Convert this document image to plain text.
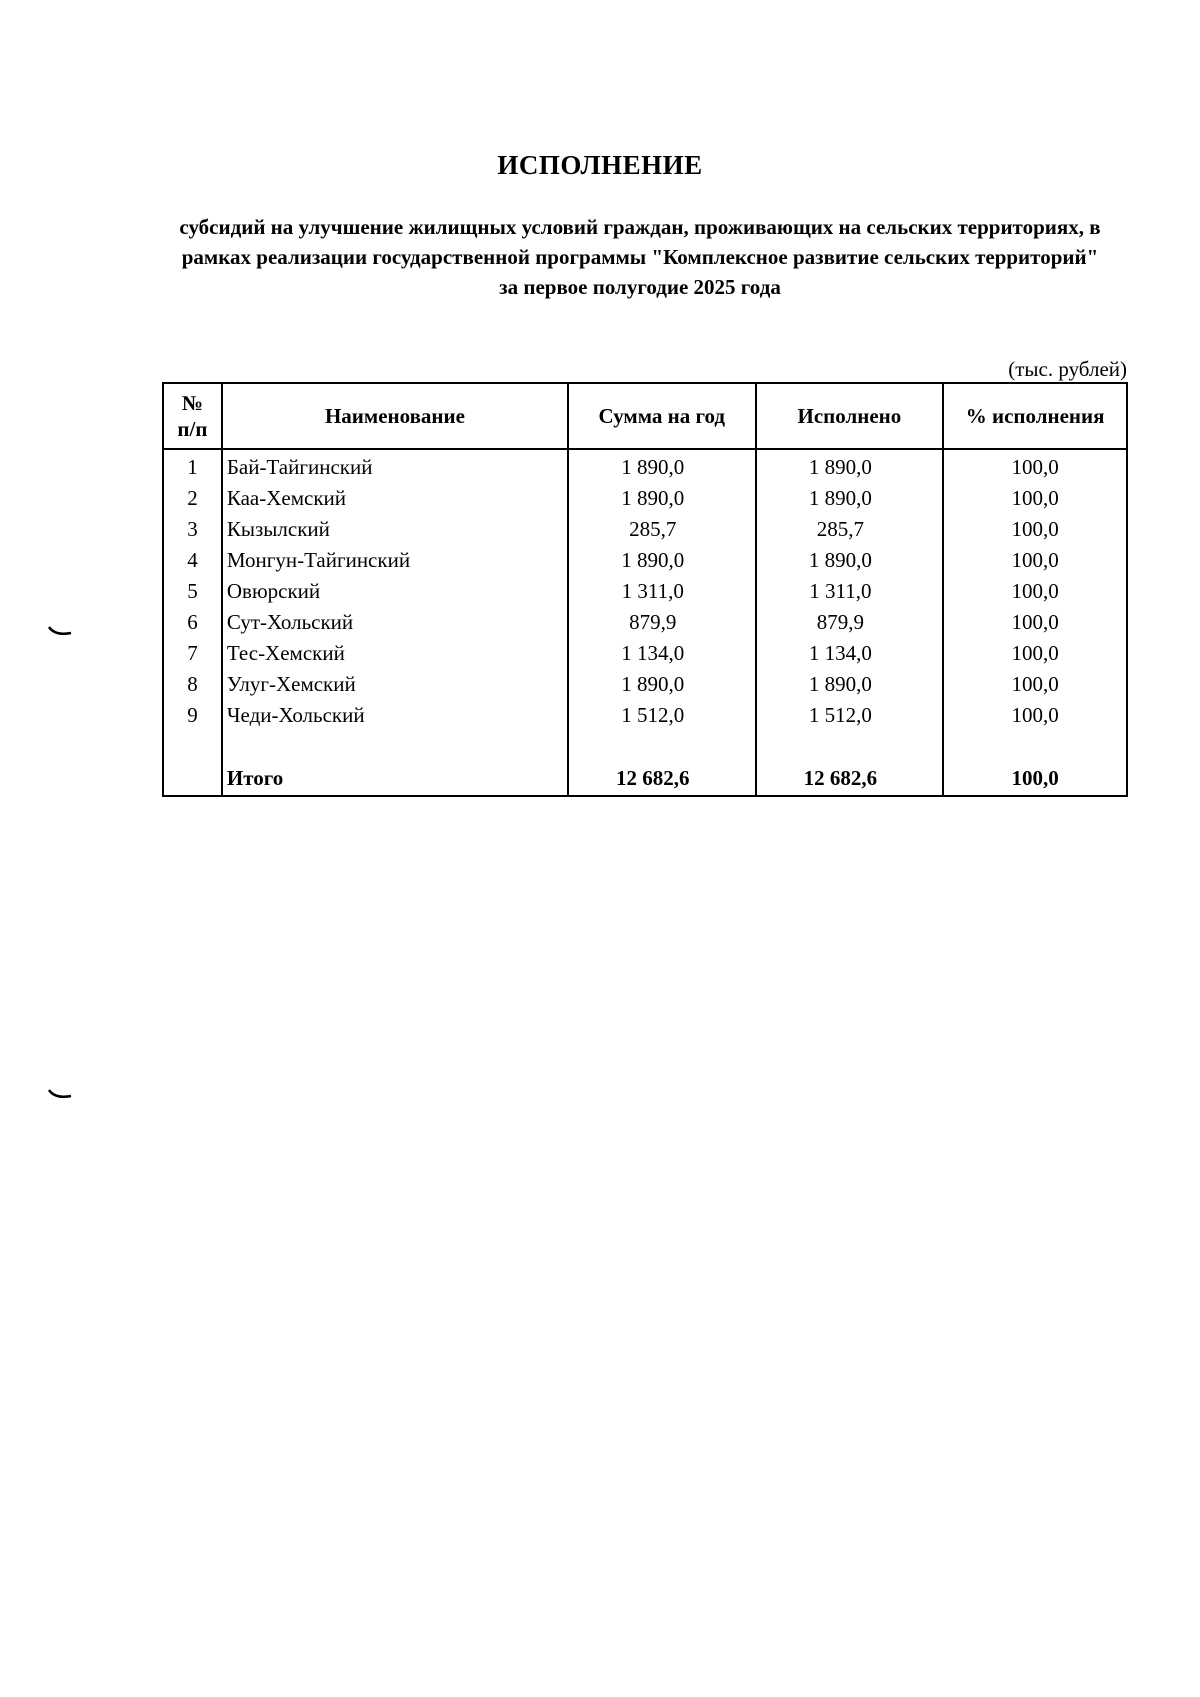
ИСПОЛНЕНИЕ
субсидий на улучшение жилищных условий граждан, проживающих на сельских территориях, в рамках реализации государственной программы "Комплексное развитие сельских территорий" за первое полугодие 2025 года
(тыс. рублей)
№
п/п	Наименование	Сумма на год	Исполнено	% исполнения
1	Бай-Тайгинский	1 890,0	1 890,0	100,0
2	Каа-Хемский	1 890,0	1 890,0	100,0
3	Кызылский	285,7	285,7	100,0
4	Монгун-Тайгинский	1 890,0	1 890,0	100,0
5	Овюрский	1 311,0	1 311,0	100,0
6	Сут-Хольский	879,9	879,9	100,0
7	Тес-Хемский	1 134,0	1 134,0	100,0
8	Улуг-Хемский	1 890,0	1 890,0	100,0
9	Чеди-Хольский	1 512,0	1 512,0	100,0

	Итого	12 682,6	12 682,6	100,0
